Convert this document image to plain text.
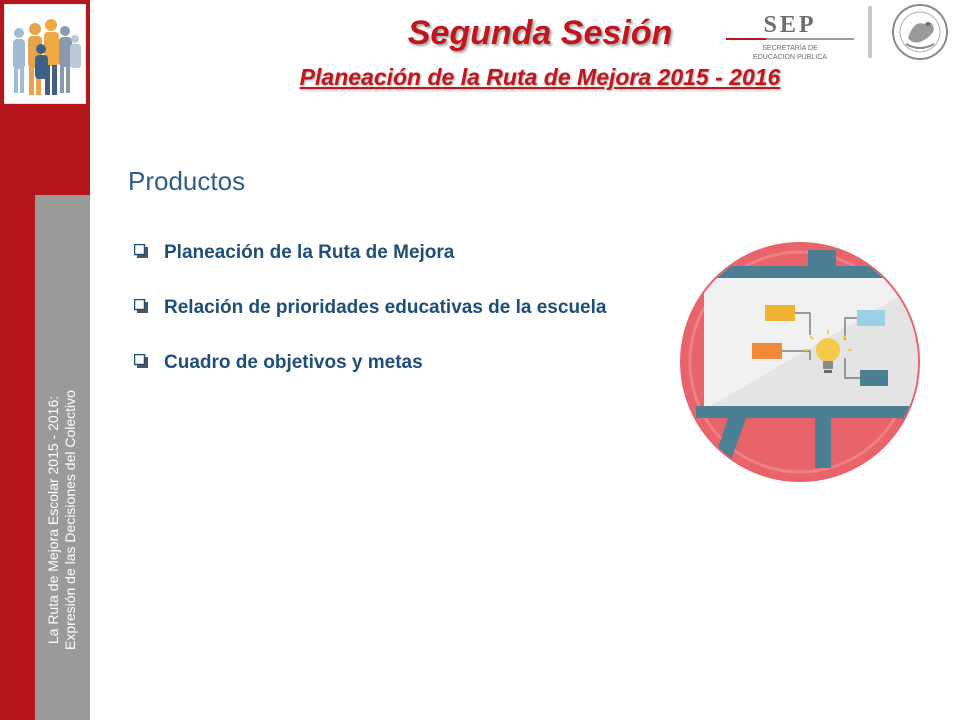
La Ruta de Mejora Escolar 2015 - 2016: Expresión de las Decisiones del Colectivo
Segunda Sesión
Planeación de la Ruta de Mejora 2015 - 2016
SEP
SECRETARÍA DE
EDUCACIÓN PÚBLICA
Productos
Planeación de la Ruta de Mejora
Relación de prioridades educativas de la escuela
Cuadro de objetivos y metas
